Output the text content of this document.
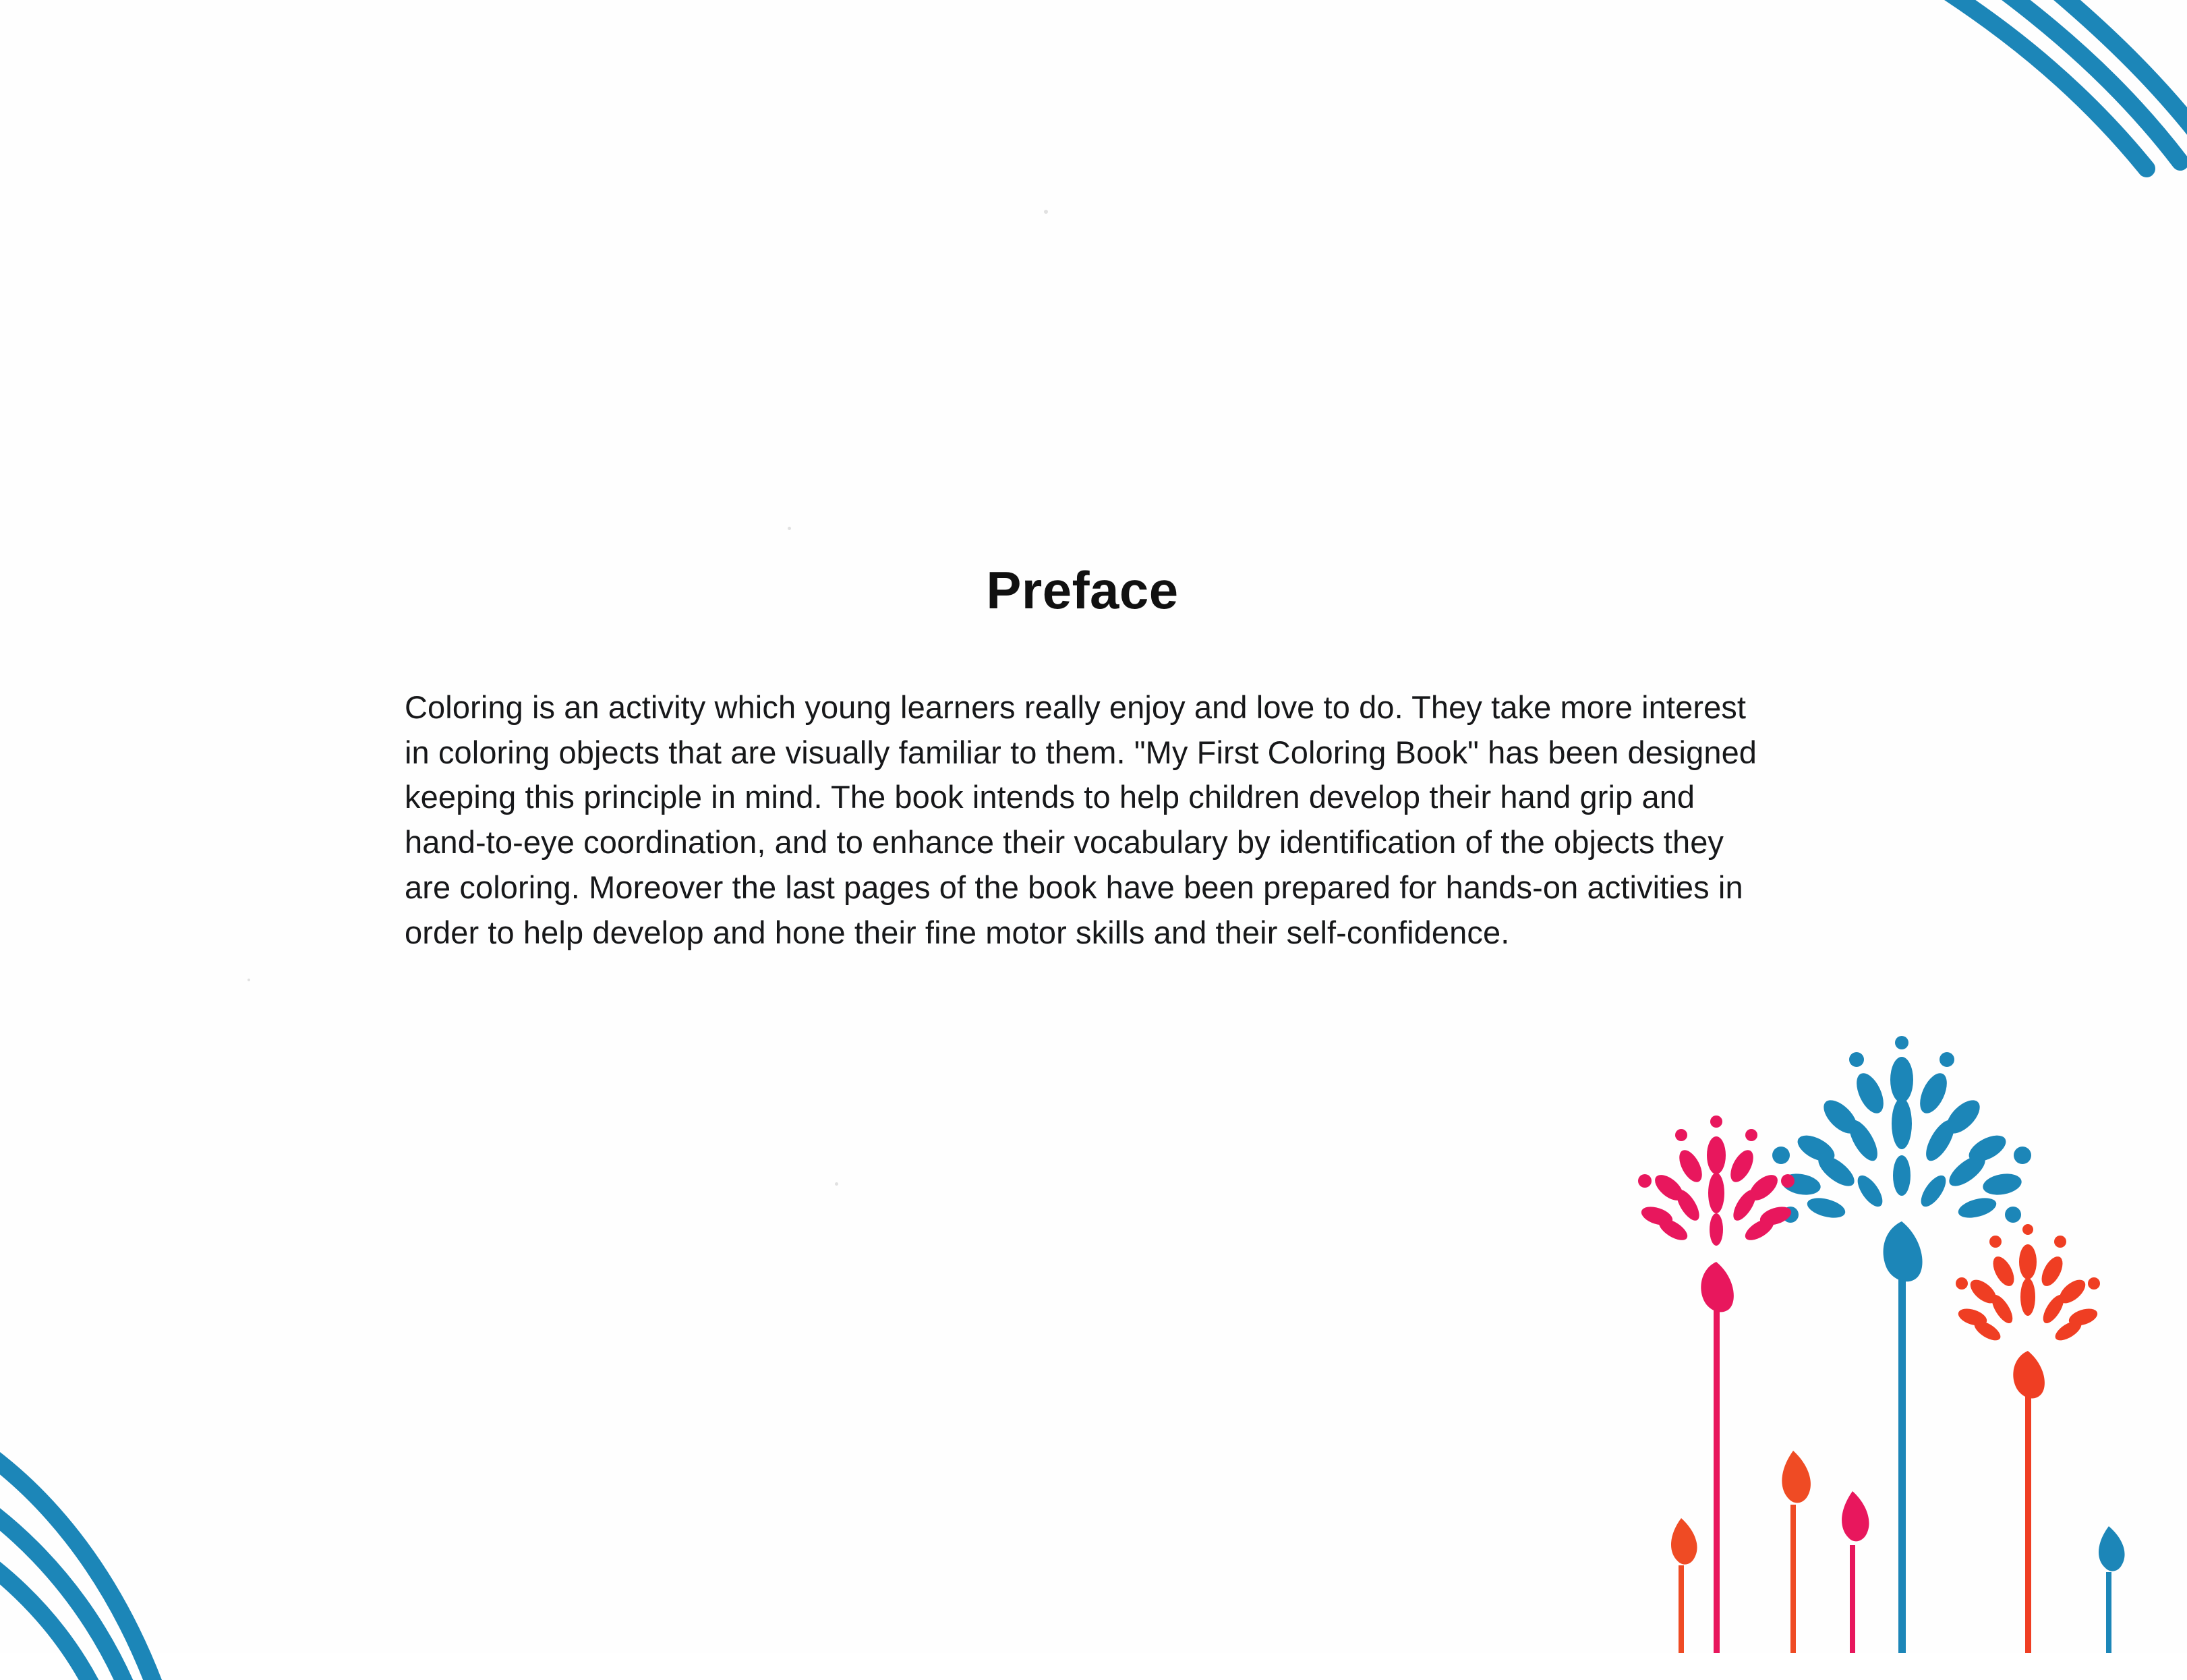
Preface

Coloring is an activity which young learners really enjoy and love to do. They take more interest in coloring objects that are visually familiar to them. "My First Coloring Book" has been designed keeping this principle in mind. The book intends to help children develop their hand grip and hand-to-eye coordination, and to enhance their vocabulary by identification of the objects they are coloring. Moreover the last pages of the book have been prepared for hands-on activities in order to help develop and hone their fine motor skills and their self-confidence.
